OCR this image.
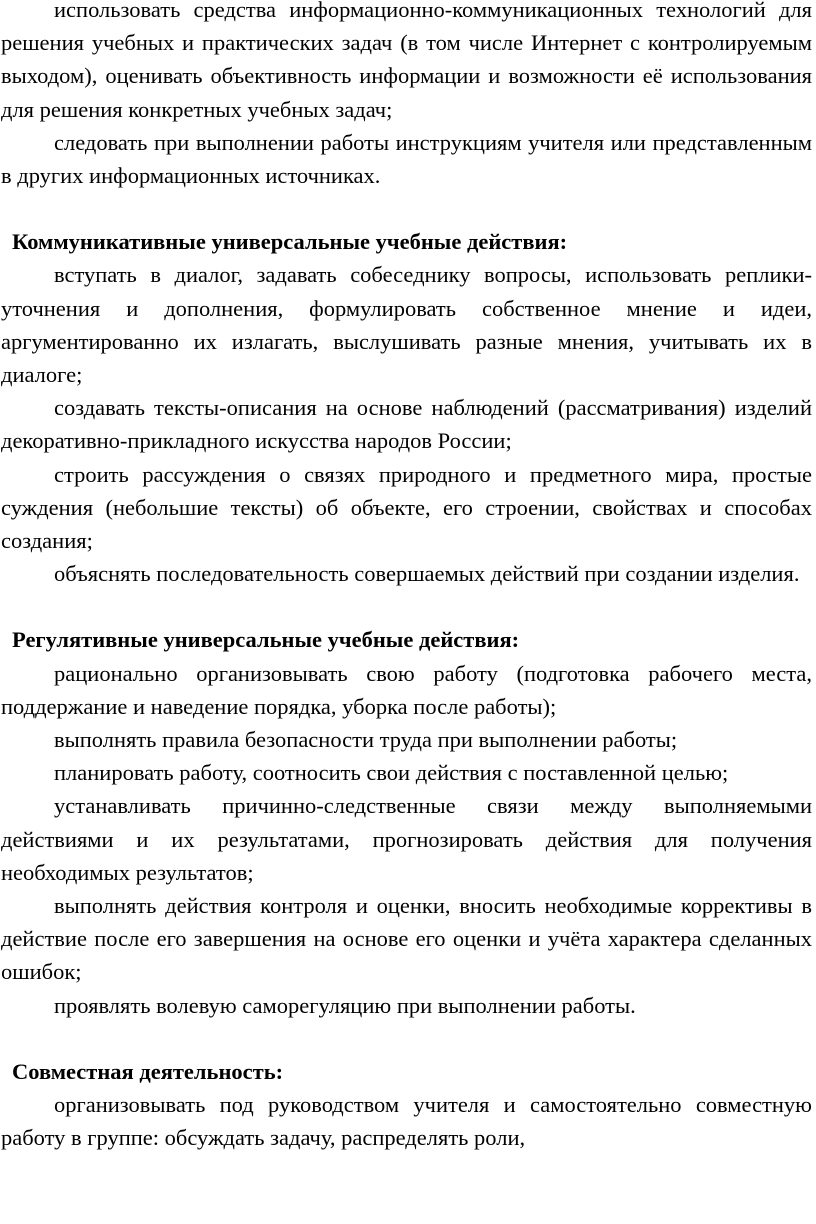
использовать средства информационно-коммуникационных технологий для решения учебных и практических задач (в том числе Интернет с контролируемым выходом), оценивать объективность информации и возможности её использования для решения конкретных учебных задач;

следовать при выполнении работы инструкциям учителя или представленным в других информационных источниках.

Коммуникативные универсальные учебные действия:

вступать в диалог, задавать собеседнику вопросы, использовать реплики-уточнения и дополнения, формулировать собственное мнение и идеи, аргументированно их излагать, выслушивать разные мнения, учитывать их в диалоге;

создавать тексты-описания на основе наблюдений (рассматривания) изделий декоративно-прикладного искусства народов России;

строить рассуждения о связях природного и предметного мира, простые суждения (небольшие тексты) об объекте, его строении, свойствах и способах создания;

объяснять последовательность совершаемых действий при создании изделия.

Регулятивные универсальные учебные действия:

рационально организовывать свою работу (подготовка рабочего места, поддержание и наведение порядка, уборка после работы);

выполнять правила безопасности труда при выполнении работы;

планировать работу, соотносить свои действия с поставленной целью;

устанавливать причинно-следственные связи между выполняемыми действиями и их результатами, прогнозировать действия для получения необходимых результатов;

выполнять действия контроля и оценки, вносить необходимые коррективы в действие после его завершения на основе его оценки и учёта характера сделанных ошибок;

проявлять волевую саморегуляцию при выполнении работы.

Совместная деятельность:

организовывать под руководством учителя и самостоятельно совместную работу в группе: обсуждать задачу, распределять роли,
